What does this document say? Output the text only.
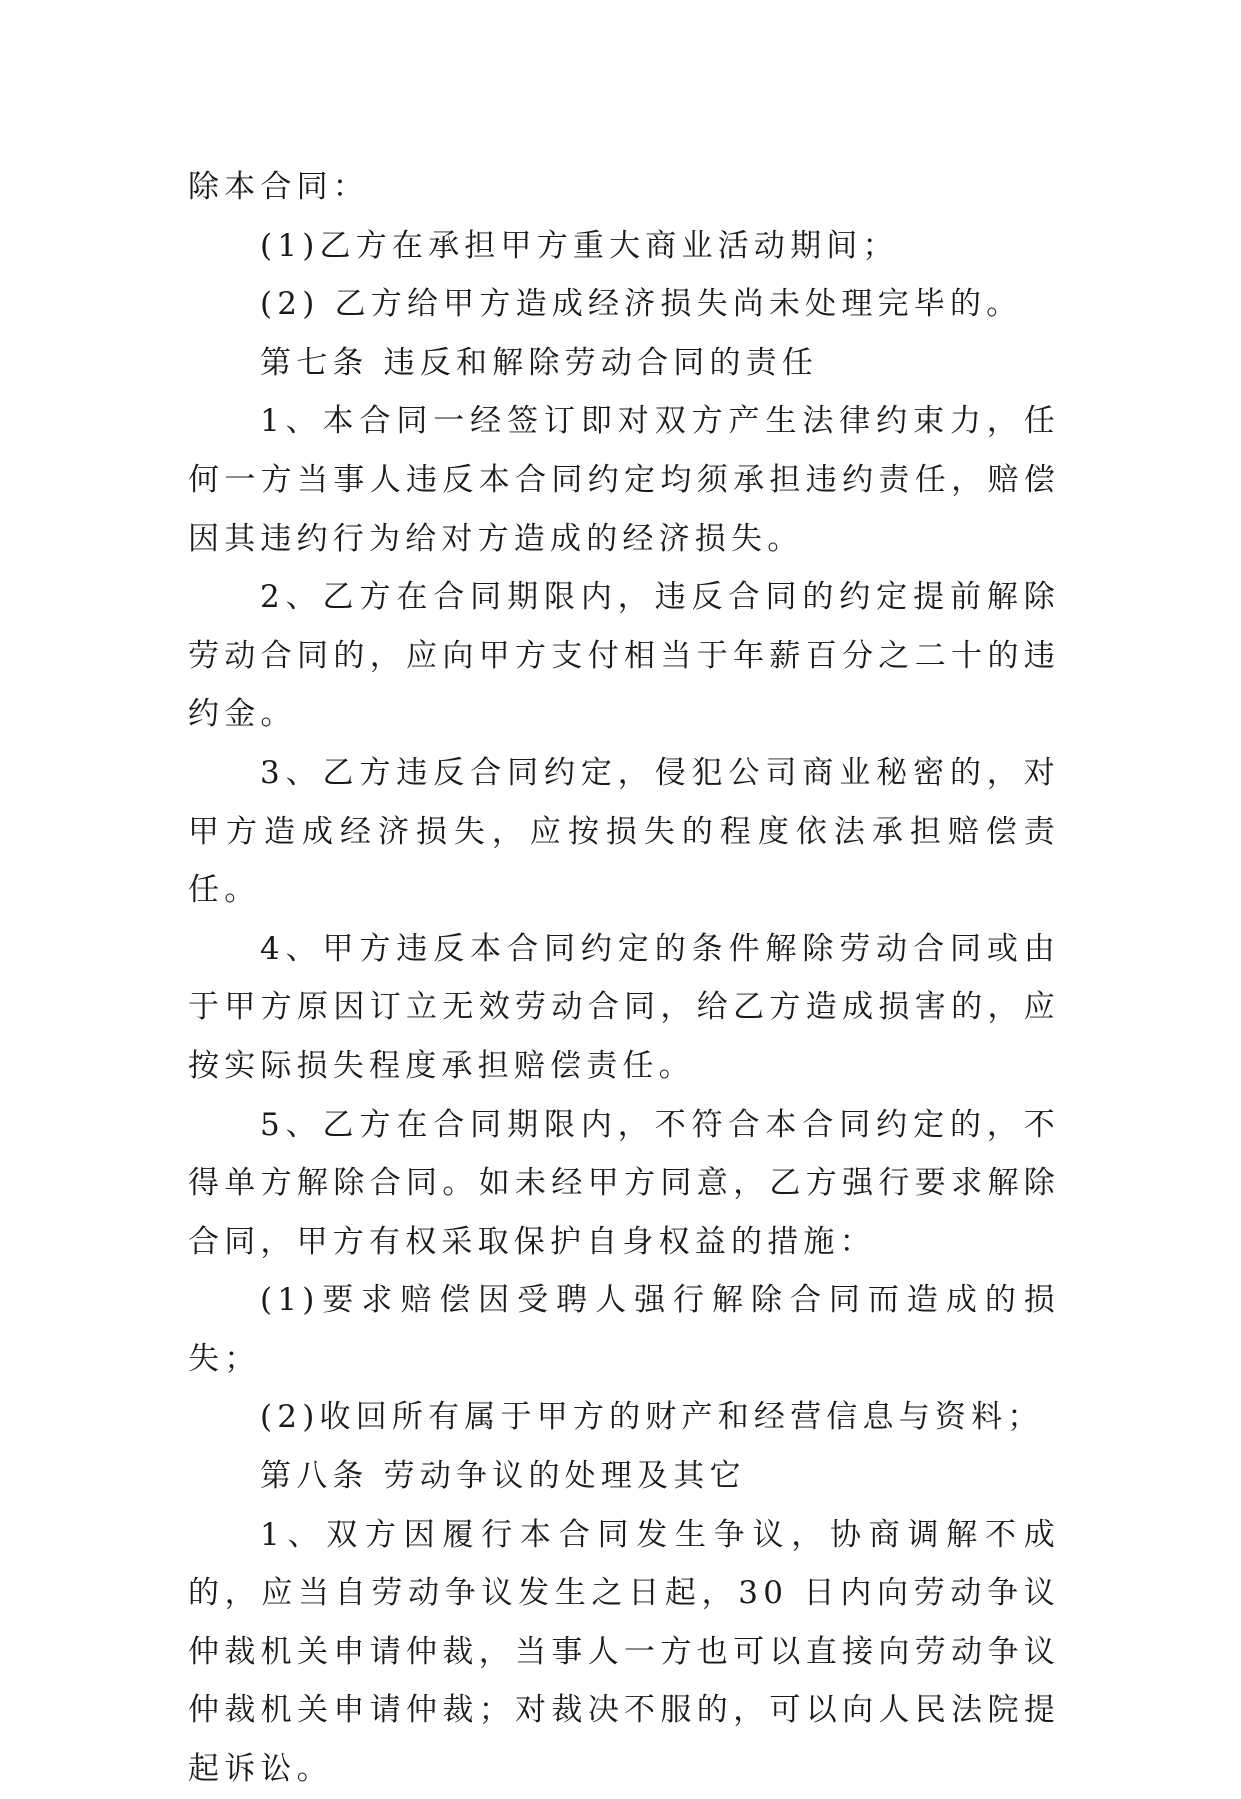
除本合同：

(1)乙方在承担甲方重大商业活动期间；

(2) 乙方给甲方造成经济损失尚未处理完毕的。

第七条 违反和解除劳动合同的责任

1、本合同一经签订即对双方产生法律约束力，任何一方当事人违反本合同约定均须承担违约责任，赔偿因其违约行为给对方造成的经济损失。

2、乙方在合同期限内，违反合同的约定提前解除劳动合同的，应向甲方支付相当于年薪百分之二十的违约金。

3、乙方违反合同约定，侵犯公司商业秘密的，对甲方造成经济损失，应按损失的程度依法承担赔偿责任。

4、甲方违反本合同约定的条件解除劳动合同或由于甲方原因订立无效劳动合同，给乙方造成损害的，应按实际损失程度承担赔偿责任。

5、乙方在合同期限内，不符合本合同约定的，不得单方解除合同。如未经甲方同意，乙方强行要求解除合同，甲方有权采取保护自身权益的措施：

(1)要求赔偿因受聘人强行解除合同而造成的损失；

(2)收回所有属于甲方的财产和经营信息与资料；

第八条 劳动争议的处理及其它

1、双方因履行本合同发生争议，协商调解不成的，应当自劳动争议发生之日起，30 日内向劳动争议仲裁机关申请仲裁，当事人一方也可以直接向劳动争议仲裁机关申请仲裁；对裁决不服的，可以向人民法院提起诉讼。
